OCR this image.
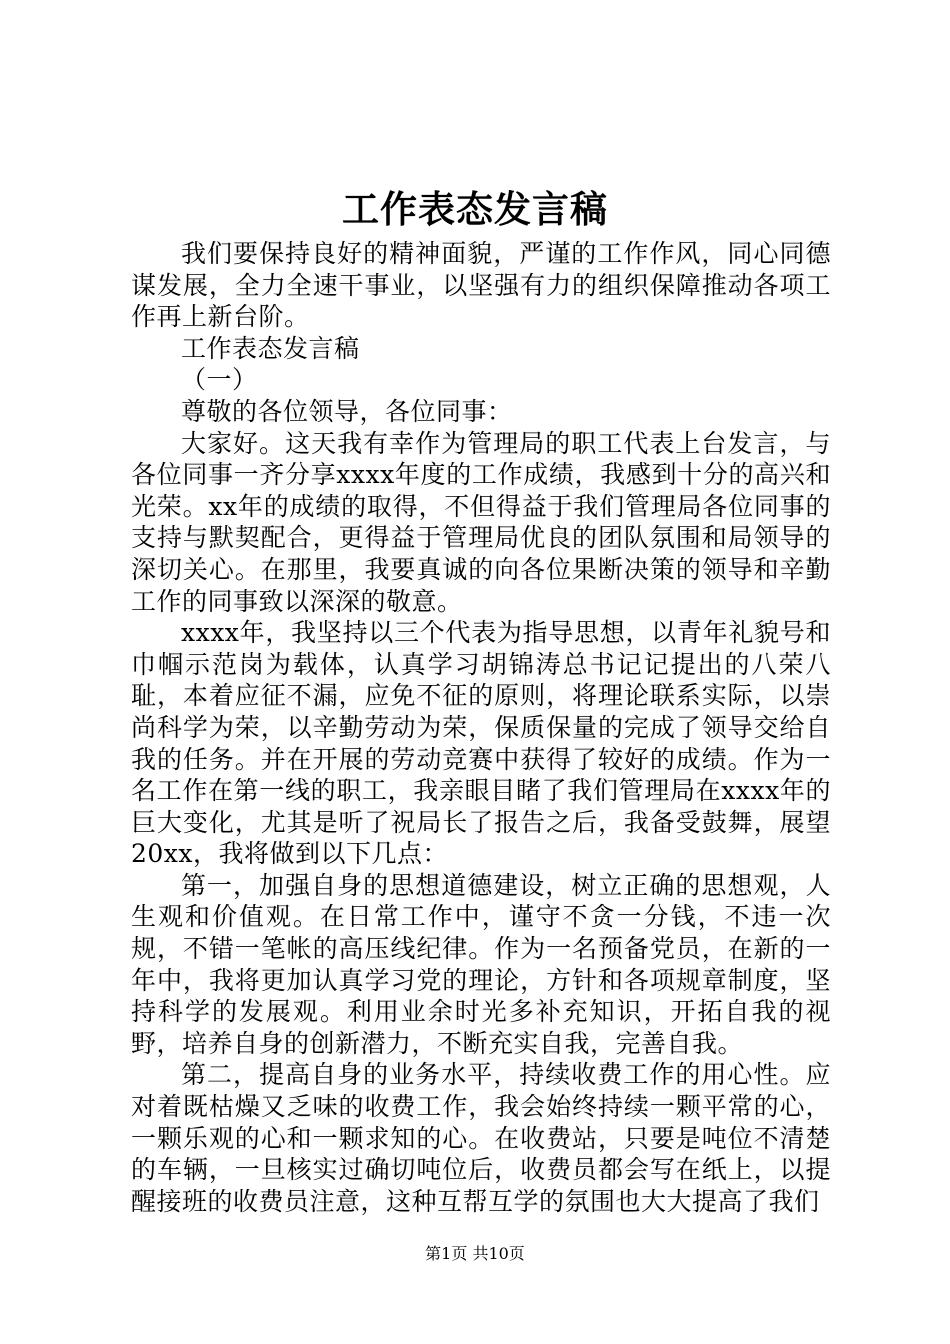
工作表态发言稿

我们要保持良好的精神面貌，严谨的工作作风，同心同德谋发展，全力全速干事业，以坚强有力的组织保障推动各项工作再上新台阶。

工作表态发言稿

（一）

尊敬的各位领导，各位同事：

大家好。这天我有幸作为管理局的职工代表上台发言，与各位同事一齐分享xxxx年度的工作成绩，我感到十分的高兴和光荣。xx年的成绩的取得，不但得益于我们管理局各位同事的支持与默契配合，更得益于管理局优良的团队氛围和局领导的深切关心。在那里，我要真诚的向各位果断决策的领导和辛勤工作的同事致以深深的敬意。

xxxx年，我坚持以三个代表为指导思想，以青年礼貌号和巾帼示范岗为载体，认真学习胡锦涛总书记记提出的八荣八耻，本着应征不漏，应免不征的原则，将理论联系实际，以崇尚科学为荣，以辛勤劳动为荣，保质保量的完成了领导交给自我的任务。并在开展的劳动竞赛中获得了较好的成绩。作为一名工作在第一线的职工，我亲眼目睹了我们管理局在xxxx年的巨大变化，尤其是听了祝局长了报告之后，我备受鼓舞，展望20xx，我将做到以下几点：

第一，加强自身的思想道德建设，树立正确的思想观，人生观和价值观。在日常工作中，谨守不贪一分钱，不违一次规，不错一笔帐的高压线纪律。作为一名预备党员，在新的一年中，我将更加认真学习党的理论，方针和各项规章制度，坚持科学的发展观。利用业余时光多补充知识，开拓自我的视野，培养自身的创新潜力，不断充实自我，完善自我。

第二，提高自身的业务水平，持续收费工作的用心性。应对着既枯燥又乏味的收费工作，我会始终持续一颗平常的心，一颗乐观的心和一颗求知的心。在收费站，只要是吨位不清楚的车辆，一旦核实过确切吨位后，收费员都会写在纸上，以提醒接班的收费员注意，这种互帮互学的氛围也大大提高了我们

第1页 共10页
